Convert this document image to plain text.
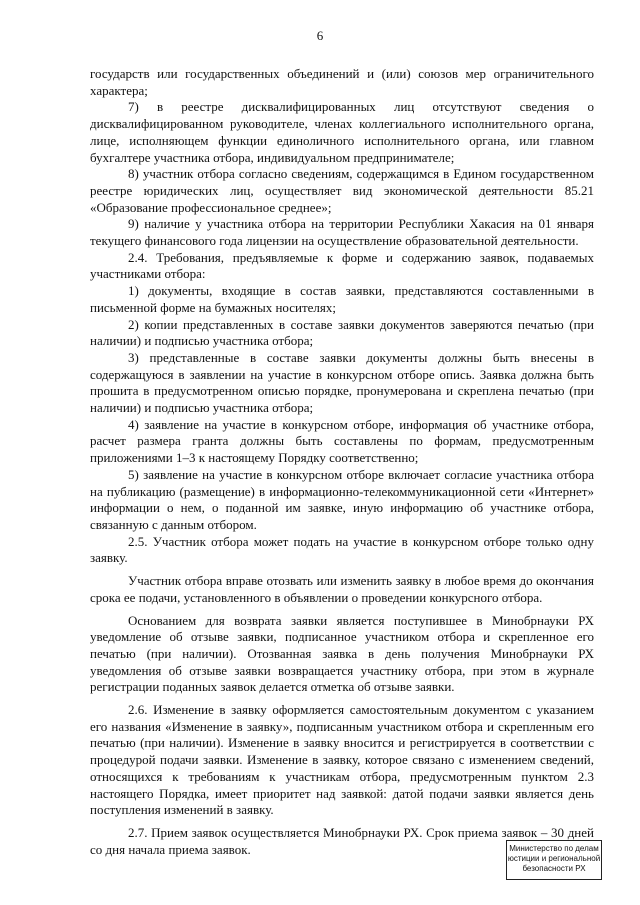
6

государств или государственных объединений и (или) союзов мер ограничительного характера;

7) в реестре дисквалифицированных лиц отсутствуют сведения о дисквалифицированном руководителе, членах коллегиального исполнительного органа, лице, исполняющем функции единоличного исполнительного органа, или главном бухгалтере участника отбора, индивидуальном предпринимателе;

8) участник отбора согласно сведениям, содержащимся в Едином государственном реестре юридических лиц, осуществляет вид экономической деятельности 85.21 «Образование профессиональное среднее»;

9) наличие у участника отбора на территории Республики Хакасия на 01 января текущего финансового года лицензии на осуществление образовательной деятельности.

2.4. Требования, предъявляемые к форме и содержанию заявок, подаваемых участниками отбора:

1) документы, входящие в состав заявки, представляются составленными в письменной форме на бумажных носителях;

2) копии представленных в составе заявки документов заверяются печатью (при наличии) и подписью участника отбора;

3) представленные в составе заявки документы должны быть внесены в содержащуюся в заявлении на участие в конкурсном отборе опись. Заявка должна быть прошита в предусмотренном описью порядке, пронумерована и скреплена печатью (при наличии) и подписью участника отбора;

4) заявление на участие в конкурсном отборе, информация об участнике отбора, расчет размера гранта должны быть составлены по формам, предусмотренным приложениями 1–3 к настоящему Порядку соответственно;

5) заявление на участие в конкурсном отборе включает согласие участника отбора на публикацию (размещение) в информационно-телекоммуникационной сети «Интернет» информации о нем, о поданной им заявке, иную информацию об участнике отбора, связанную с данным отбором.

2.5. Участник отбора может подать на участие в конкурсном отборе только одну заявку.

Участник отбора вправе отозвать или изменить заявку в любое время до окончания срока ее подачи, установленного в объявлении о проведении конкурсного отбора.

Основанием для возврата заявки является поступившее в Минобрнауки РХ уведомление об отзыве заявки, подписанное участником отбора и скрепленное его печатью (при наличии). Отозванная заявка в день получения Минобрнауки РХ уведомления об отзыве заявки возвращается участнику отбора, при этом в журнале регистрации поданных заявок делается отметка об отзыве заявки.

2.6. Изменение в заявку оформляется самостоятельным документом с указанием его названия «Изменение в заявку», подписанным участником отбора и скрепленным его печатью (при наличии). Изменение в заявку вносится и регистрируется в соответствии с процедурой подачи заявки. Изменение в заявку, которое связано с изменением сведений, относящихся к требованиям к участникам отбора, предусмотренным пунктом 2.3 настоящего Порядка, имеет приоритет над заявкой: датой подачи заявки является день поступления изменений в заявку.

2.7. Прием заявок осуществляется Минобрнауки РХ. Срок приема заявок – 30 дней со дня начала приема заявок.	Министерство по делам
юстиции и региональной
безопасности РХ
